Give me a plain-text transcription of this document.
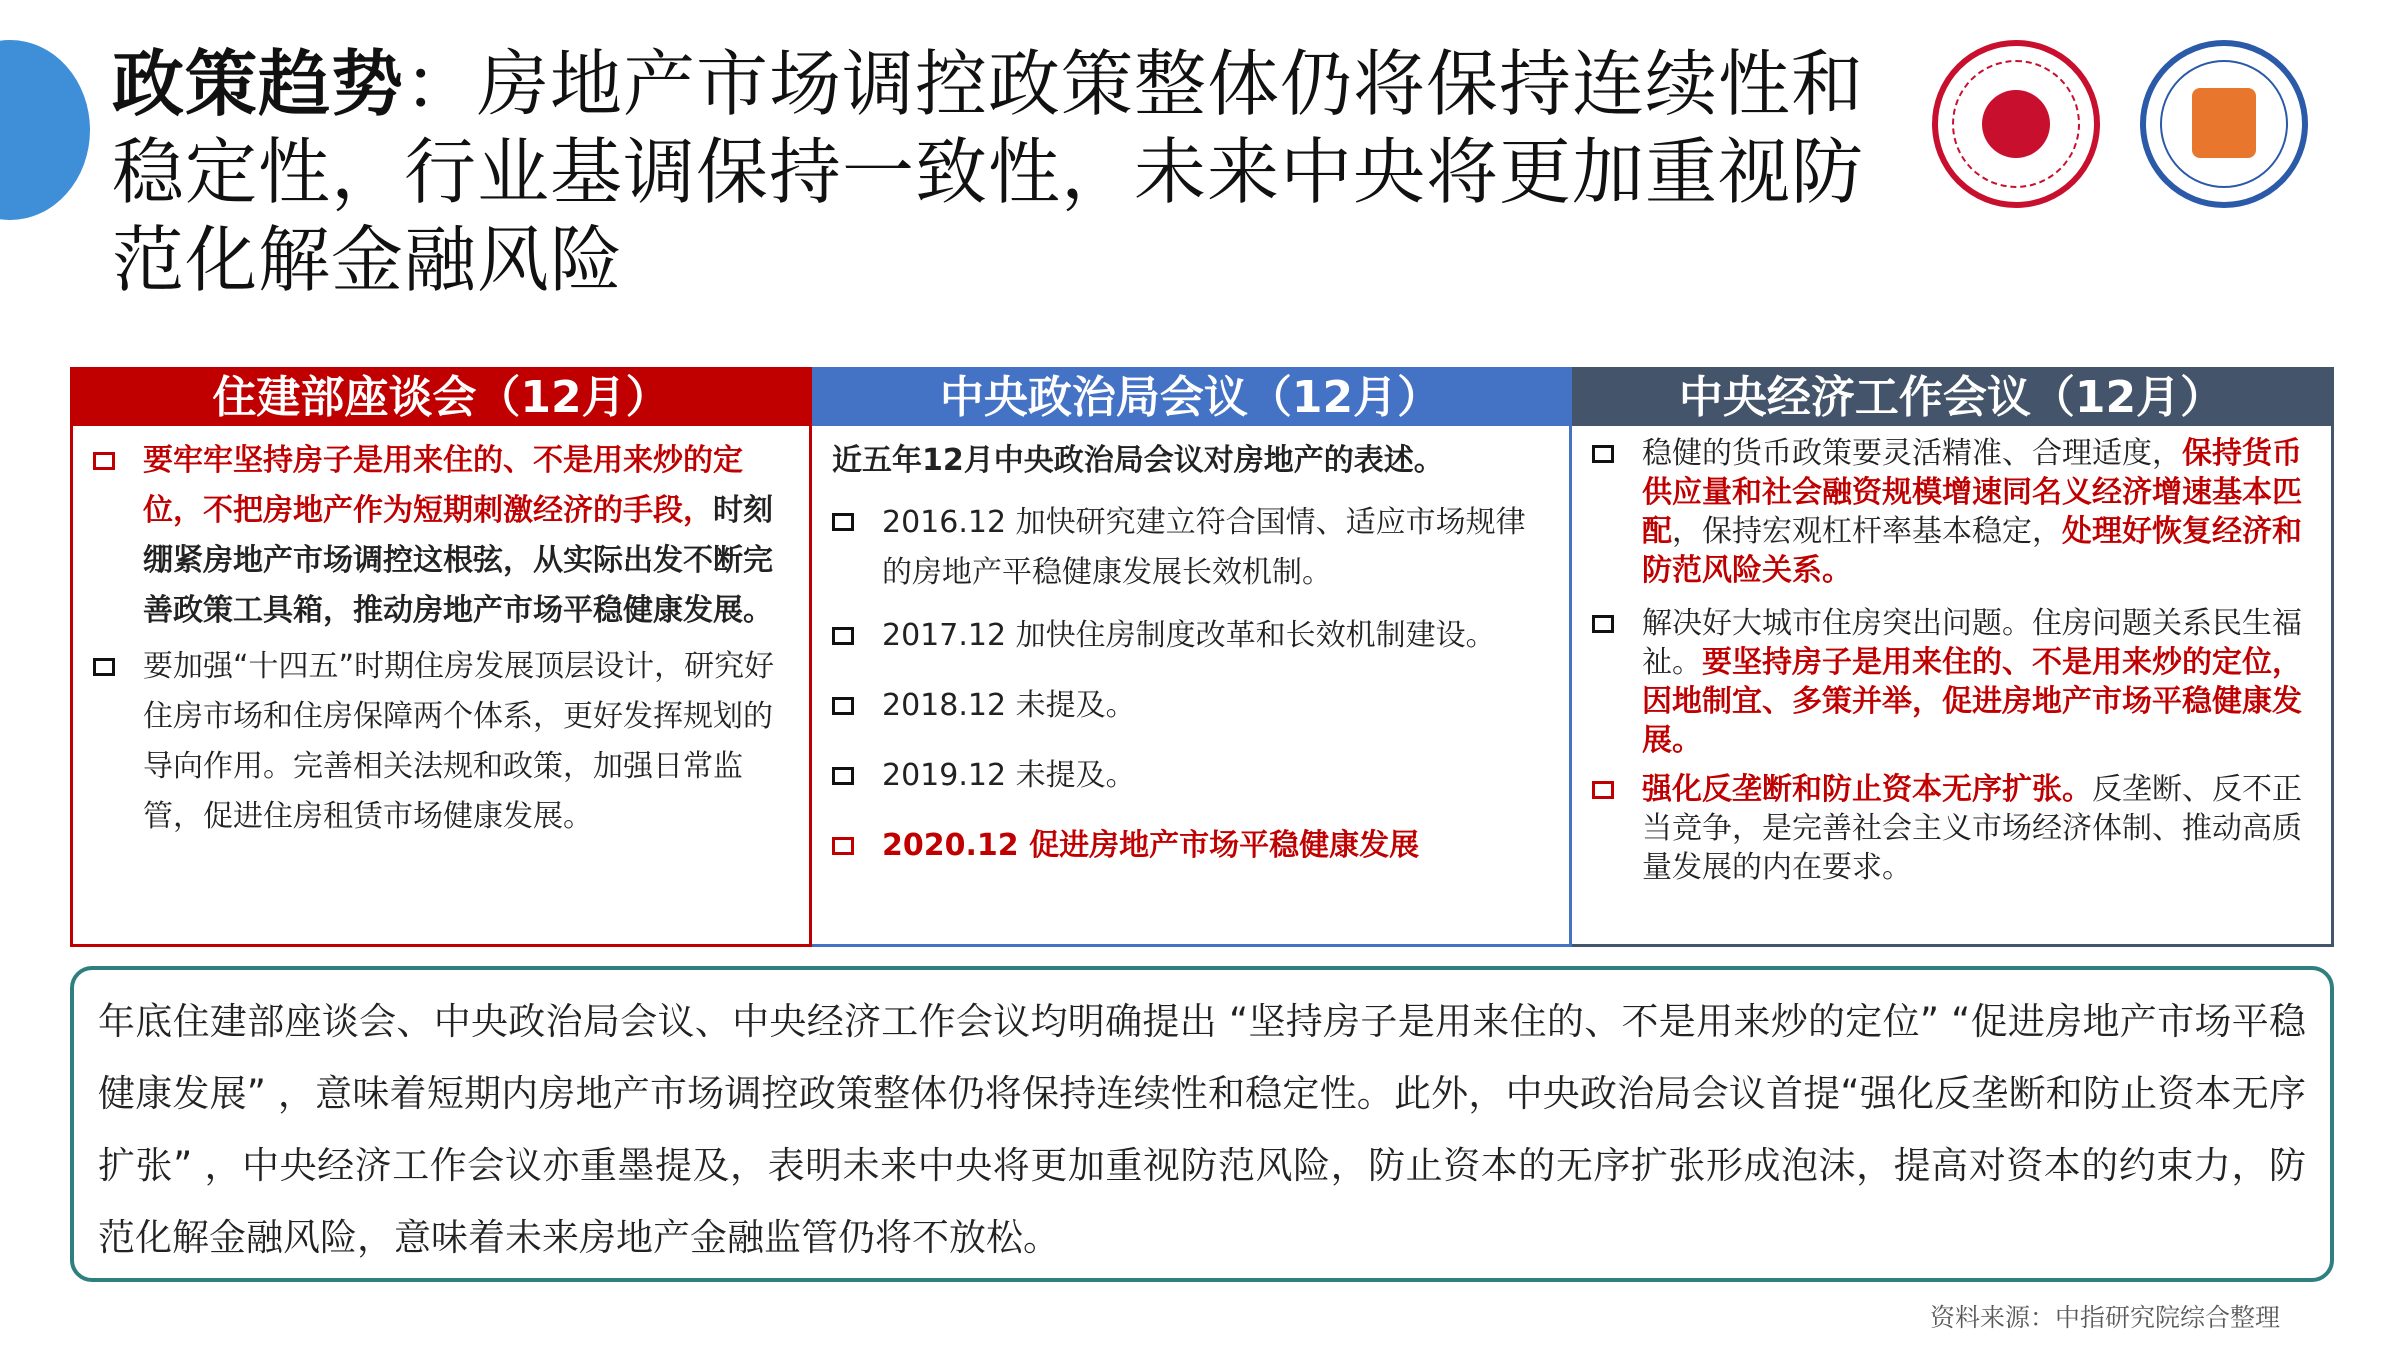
政策趋势：房地产市场调控政策整体仍将保持连续性和稳定性，行业基调保持一致性，未来中央将更加重视防范化解金融风险
住建部座谈会（12月）
要牢牢坚持房子是用来住的、不是用来炒的定位，不把房地产作为短期刺激经济的手段，时刻绷紧房地产市场调控这根弦，从实际出发不断完善政策工具箱，推动房地产市场平稳健康发展。
要加强“十四五”时期住房发展顶层设计，研究好住房市场和住房保障两个体系，更好发挥规划的导向作用。完善相关法规和政策，加强日常监管，促进住房租赁市场健康发展。
中央政治局会议（12月）
近五年12月中央政治局会议对房地产的表述。
2016.12 加快研究建立符合国情、适应市场规律的房地产平稳健康发展长效机制。
2017.12 加快住房制度改革和长效机制建设。
2018.12 未提及。
2019.12 未提及。
2020.12 促进房地产市场平稳健康发展
中央经济工作会议（12月）
稳健的货币政策要灵活精准、合理适度，保持货币供应量和社会融资规模增速同名义经济增速基本匹配，保持宏观杠杆率基本稳定，处理好恢复经济和防范风险关系。
解决好大城市住房突出问题。住房问题关系民生福祉。要坚持房子是用来住的、不是用来炒的定位，因地制宜、多策并举，促进房地产市场平稳健康发展。
强化反垄断和防止资本无序扩张。反垄断、反不正当竞争，是完善社会主义市场经济体制、推动高质量发展的内在要求。
年底住建部座谈会、中央政治局会议、中央经济工作会议均明确提出 “坚持房子是用来住的、不是用来炒的定位” “促进房地产市场平稳健康发展” ，意味着短期内房地产市场调控政策整体仍将保持连续性和稳定性。此外，中央政治局会议首提“强化反垄断和防止资本无序扩张” ，中央经济工作会议亦重墨提及，表明未来中央将更加重视防范风险，防止资本的无序扩张形成泡沫，提高对资本的约束力，防范化解金融风险，意味着未来房地产金融监管仍将不放松。
资料来源：中指研究院综合整理
